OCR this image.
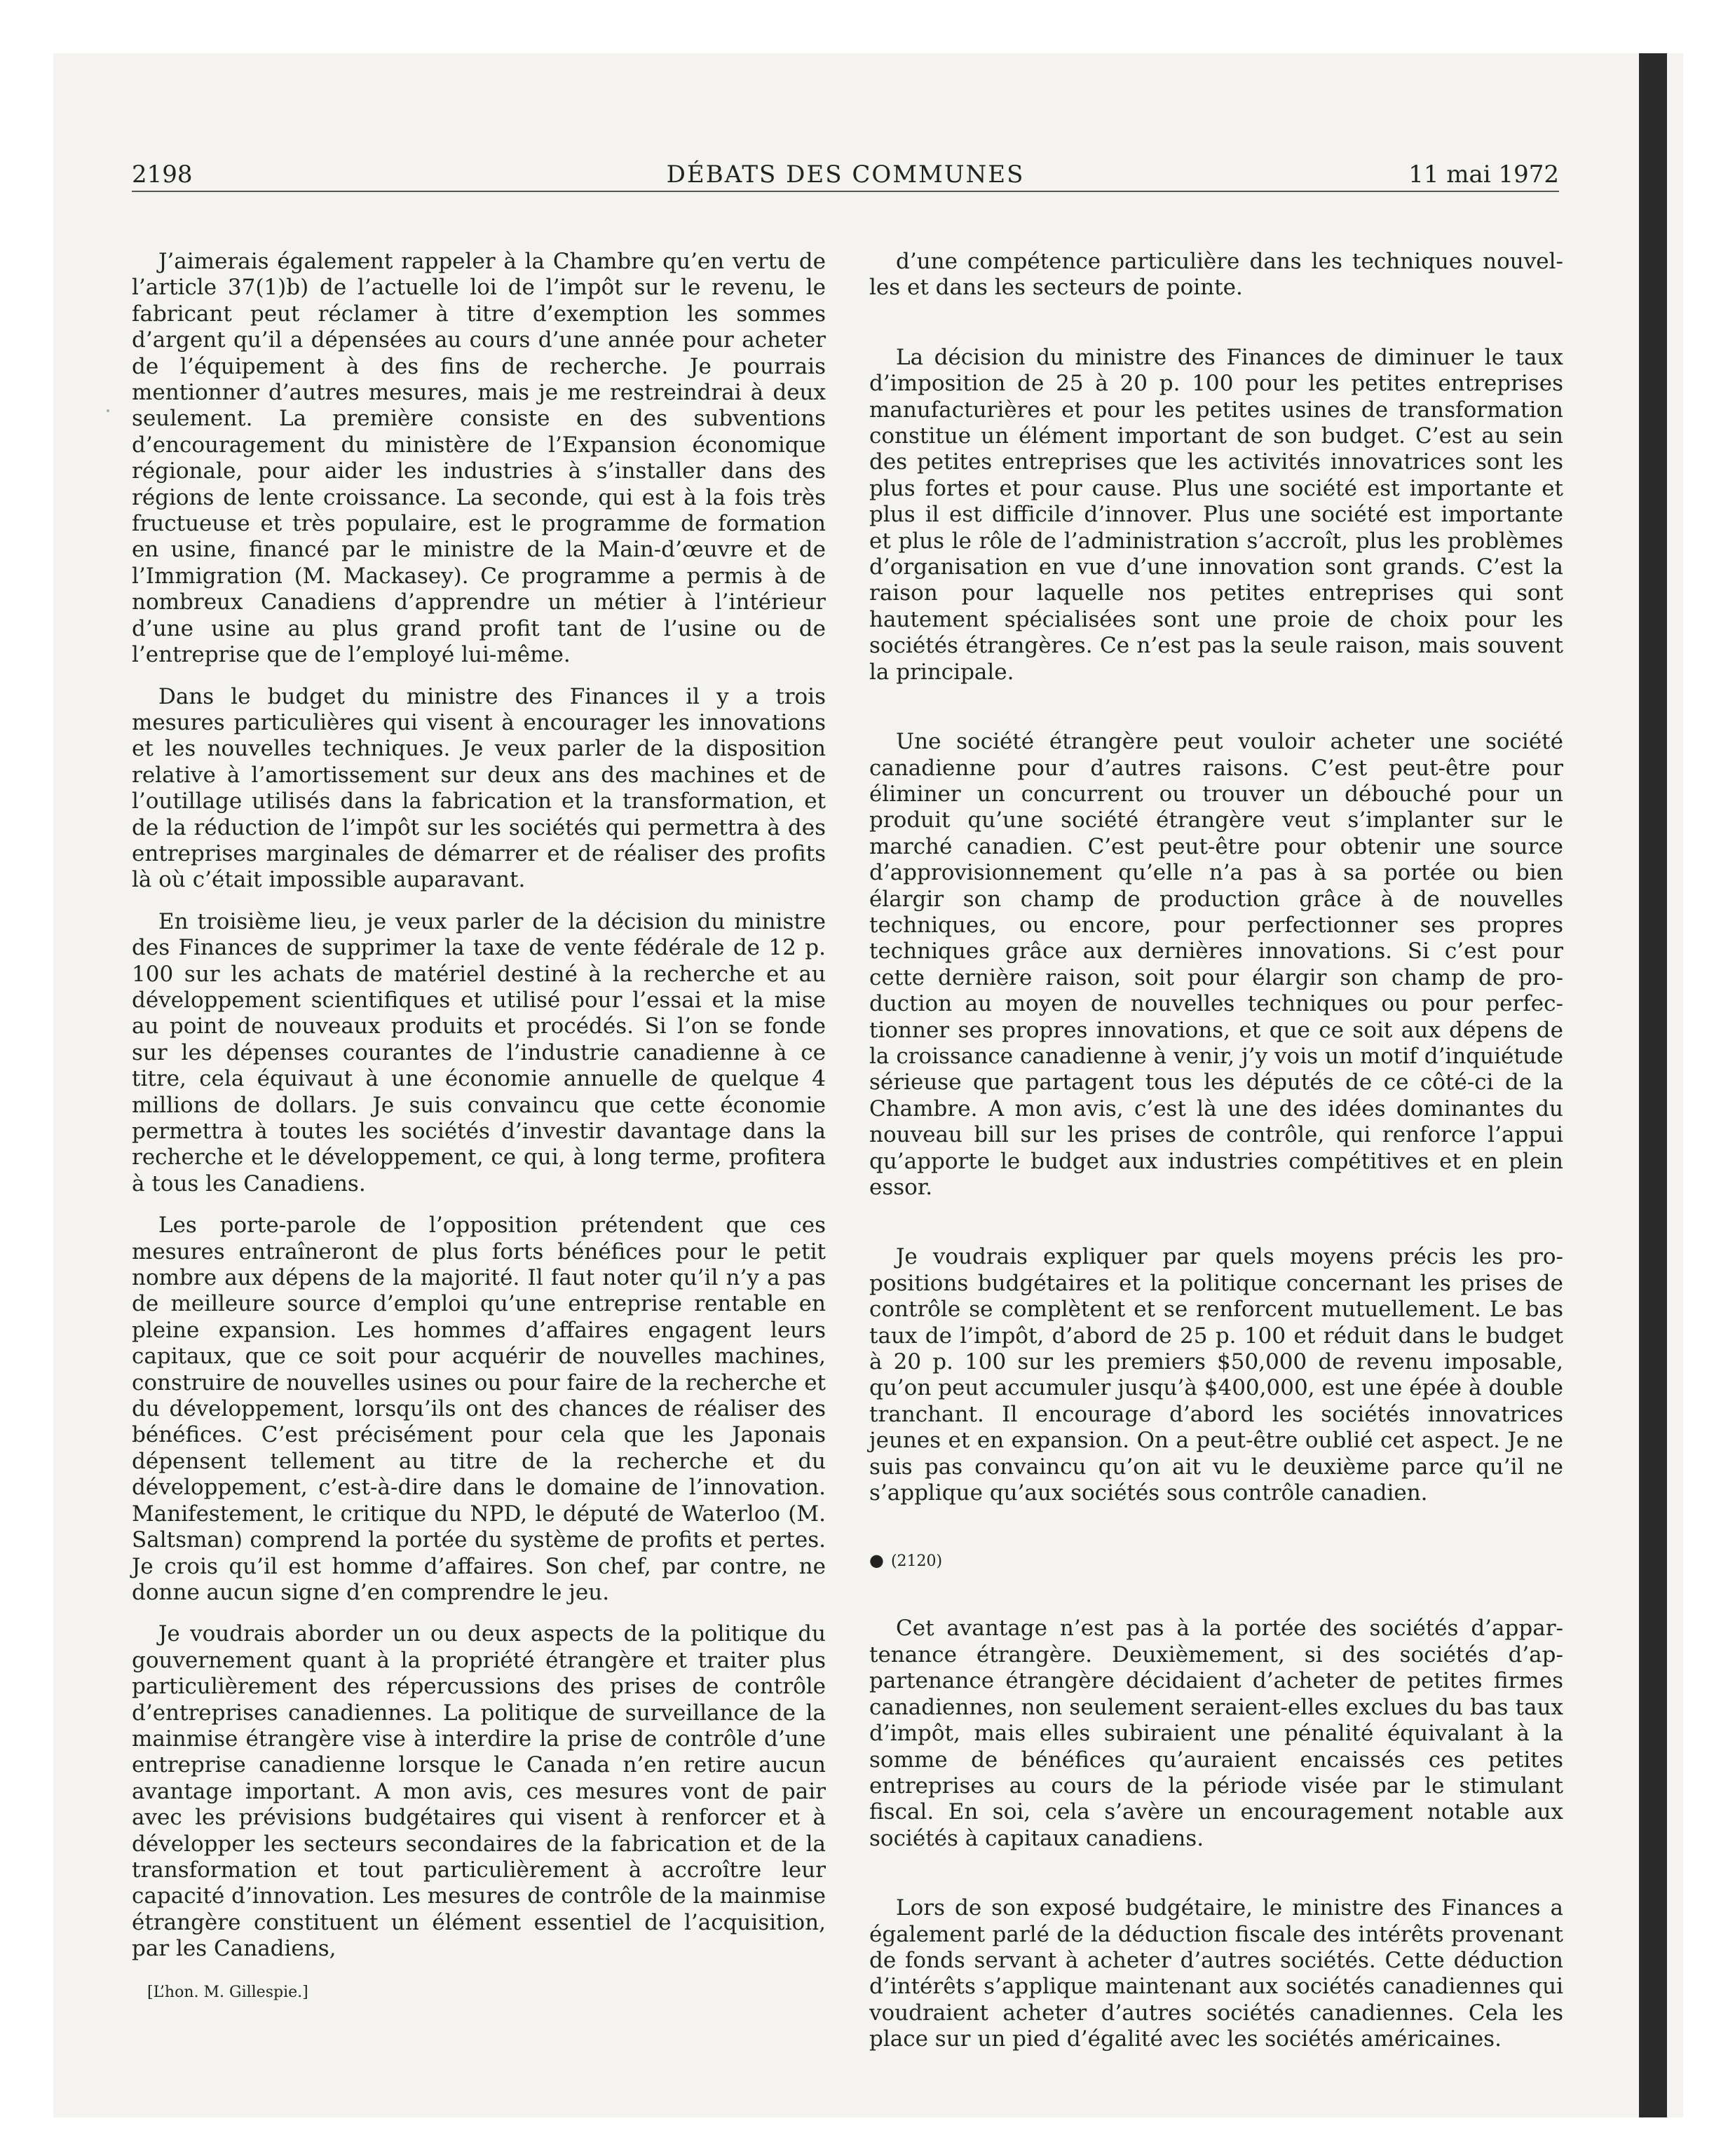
2198	DÉBATS DES COMMUNES	11 mai 1972

J’aimerais également rappeler à la Chambre qu’en vertu de l’article 37(1)b) de l’actuelle loi de l’impôt sur le revenu, le fabricant peut réclamer à titre d’exemption les sommes d’argent qu’il a dépensées au cours d’une année pour acheter de l’équipement à des fins de recherche. Je pourrais mentionner d’autres mesures, mais je me restreindrai à deux seulement. La première consiste en des subventions d’encouragement du ministère de l’Expansion économique régionale, pour aider les industries à s’installer dans des régions de lente croissance. La seconde, qui est à la fois très fructueuse et très populaire, est le programme de formation en usine, financé par le ministre de la Main-d’œuvre et de l’Immigration (M. Mackasey). Ce programme a permis à de nombreux Canadiens d’apprendre un métier à l’intérieur d’une usine au plus grand profit tant de l’usine ou de l’entreprise que de l’employé lui-même.

Dans le budget du ministre des Finances il y a trois mesures particulières qui visent à encourager les innovations et les nouvelles techniques. Je veux parler de la disposition relative à l’amortissement sur deux ans des machines et de l’outillage utilisés dans la fabrication et la transformation, et de la réduction de l’impôt sur les sociétés qui permettra à des entreprises marginales de démarrer et de réaliser des profits là où c’était impossible auparavant.

En troisième lieu, je veux parler de la décision du ministre des Finances de supprimer la taxe de vente fédérale de 12 p. 100 sur les achats de matériel destiné à la recherche et au développement scientifiques et utilisé pour l’essai et la mise au point de nouveaux produits et procédés. Si l’on se fonde sur les dépenses courantes de l’industrie canadienne à ce titre, cela équivaut à une économie annuelle de quelque 4 millions de dollars. Je suis convaincu que cette économie permettra à toutes les sociétés d’investir davantage dans la recherche et le développement, ce qui, à long terme, profitera à tous les Canadiens.

Les porte-parole de l’opposition prétendent que ces mesures entraîneront de plus forts bénéfices pour le petit nombre aux dépens de la majorité. Il faut noter qu’il n’y a pas de meilleure source d’emploi qu’une entreprise rentable en pleine expansion. Les hommes d’affaires engagent leurs capitaux, que ce soit pour acquérir de nouvelles machines, construire de nouvelles usines ou pour faire de la recherche et du développement, lorsqu’ils ont des chances de réaliser des bénéfices. C’est précisément pour cela que les Japonais dépensent tellement au titre de la recherche et du développement, c’est-à-dire dans le domaine de l’innovation. Manifestement, le critique du NPD, le député de Waterloo (M. Saltsman) comprend la portée du système de profits et pertes. Je crois qu’il est homme d’affaires. Son chef, par contre, ne donne aucun signe d’en comprendre le jeu.

Je voudrais aborder un ou deux aspects de la politique du gouvernement quant à la propriété étrangère et traiter plus particulièrement des répercussions des prises de contrôle d’entreprises canadiennes. La politique de surveillance de la mainmise étrangère vise à interdire la prise de contrôle d’une entreprise canadienne lorsque le Canada n’en retire aucun avantage important. A mon avis, ces mesures vont de pair avec les prévisions budgétaires qui visent à renforcer et à développer les secteurs secondaires de la fabrication et de la transformation et tout particulièrement à accroître leur capacité d’innovation. Les mesures de contrôle de la mainmise étrangère constituent un élément essentiel de l’acquisition, par les Canadiens,

[L’hon. M. Gillespie.]

d’une compétence particulière dans les techniques nouvelles et dans les secteurs de pointe.

La décision du ministre des Finances de diminuer le taux d’imposition de 25 à 20 p. 100 pour les petites entreprises manufacturières et pour les petites usines de transformation constitue un élément important de son budget. C’est au sein des petites entreprises que les activités innovatrices sont les plus fortes et pour cause. Plus une société est importante et plus il est difficile d’innover. Plus une société est importante et plus le rôle de l’administration s’accroît, plus les problèmes d’organisation en vue d’une innovation sont grands. C’est la raison pour laquelle nos petites entreprises qui sont hautement spécialisées sont une proie de choix pour les sociétés étrangères. Ce n’est pas la seule raison, mais souvent la principale.

Une société étrangère peut vouloir acheter une société canadienne pour d’autres raisons. C’est peut-être pour éliminer un concurrent ou trouver un débouché pour un produit qu’une société étrangère veut s’implanter sur le marché canadien. C’est peut-être pour obtenir une source d’approvisionnement qu’elle n’a pas à sa portée ou bien élargir son champ de production grâce à de nouvelles techniques, ou encore, pour perfectionner ses propres techniques grâce aux dernières innovations. Si c’est pour cette dernière raison, soit pour élargir son champ de production au moyen de nouvelles techniques ou pour perfectionner ses propres innovations, et que ce soit aux dépens de la croissance canadienne à venir, j’y vois un motif d’inquiétude sérieuse que partagent tous les députés de ce côté-ci de la Chambre. A mon avis, c’est là une des idées dominantes du nouveau bill sur les prises de contrôle, qui renforce l’appui qu’apporte le budget aux industries compétitives et en plein essor.

Je voudrais expliquer par quels moyens précis les propositions budgétaires et la politique concernant les prises de contrôle se complètent et se renforcent mutuellement. Le bas taux de l’impôt, d’abord de 25 p. 100 et réduit dans le budget à 20 p. 100 sur les premiers $50,000 de revenu imposable, qu’on peut accumuler jusqu’à $400,000, est une épée à double tranchant. Il encourage d’abord les sociétés innovatrices jeunes et en expansion. On a peut-être oublié cet aspect. Je ne suis pas convaincu qu’on ait vu le deuxième parce qu’il ne s’applique qu’aux sociétés sous contrôle canadien.

● (2120)

Cet avantage n’est pas à la portée des sociétés d’appartenance étrangère. Deuxièmement, si des sociétés d’appartenance étrangère décidaient d’acheter de petites firmes canadiennes, non seulement seraient-elles exclues du bas taux d’impôt, mais elles subiraient une pénalité équivalant à la somme de bénéfices qu’auraient encaissés ces petites entreprises au cours de la période visée par le stimulant fiscal. En soi, cela s’avère un encouragement notable aux sociétés à capitaux canadiens.

Lors de son exposé budgétaire, le ministre des Finances a également parlé de la déduction fiscale des intérêts provenant de fonds servant à acheter d’autres sociétés. Cette déduction d’intérêts s’applique maintenant aux sociétés canadiennes qui voudraient acheter d’autres sociétés canadiennes. Cela les place sur un pied d’égalité avec les sociétés américaines.
